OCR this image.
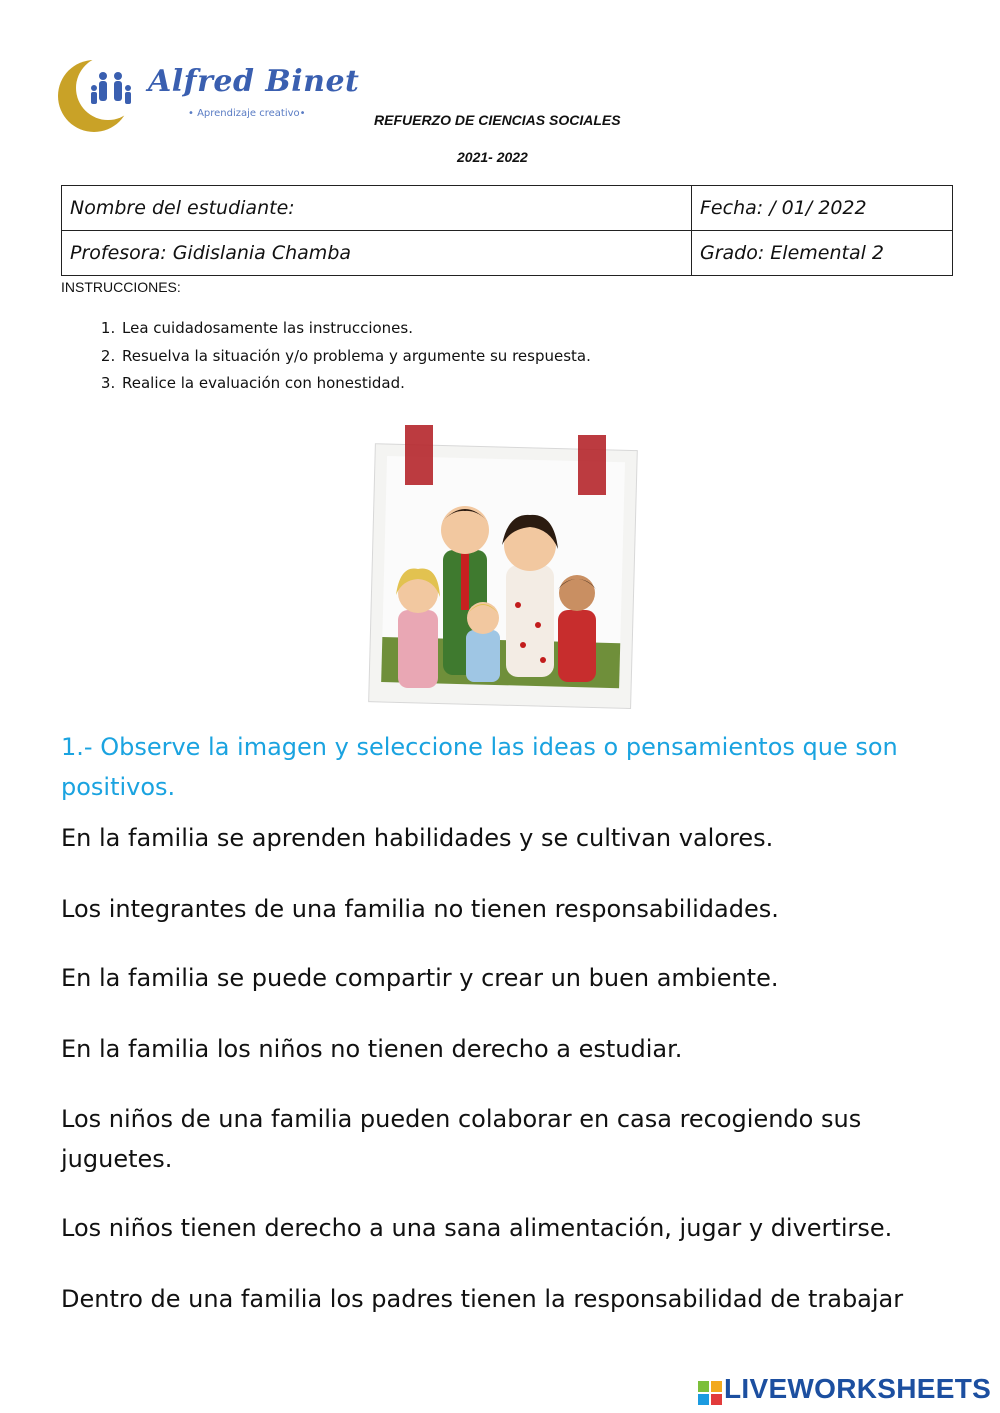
Alfred Binet
• Aprendizaje creativo•	REFUERZO DE CIENCIAS SOCIALES
2021- 2022
Nombre del estudiante:	Fecha: / 01/ 2022
Profesora: Gidislania Chamba	Grado: Elemental 2
INSTRUCCIONES:
1. Lea cuidadosamente las instrucciones.
2. Resuelva la situación y/o problema y argumente su respuesta.
3. Realice la evaluación con honestidad.
1.- Observe la imagen y seleccione las ideas o pensamientos que son positivos.
En la familia se aprenden habilidades y se cultivan valores.
Los integrantes de una familia no tienen responsabilidades.
En la familia se puede compartir y crear un buen ambiente.
En la familia los niños no tienen derecho a estudiar.
Los niños de una familia pueden colaborar en casa recogiendo sus juguetes.
Los niños tienen derecho a una sana alimentación, jugar y divertirse.
Dentro de una familia los padres tienen la responsabilidad de trabajar
LIVEWORKSHEETS
